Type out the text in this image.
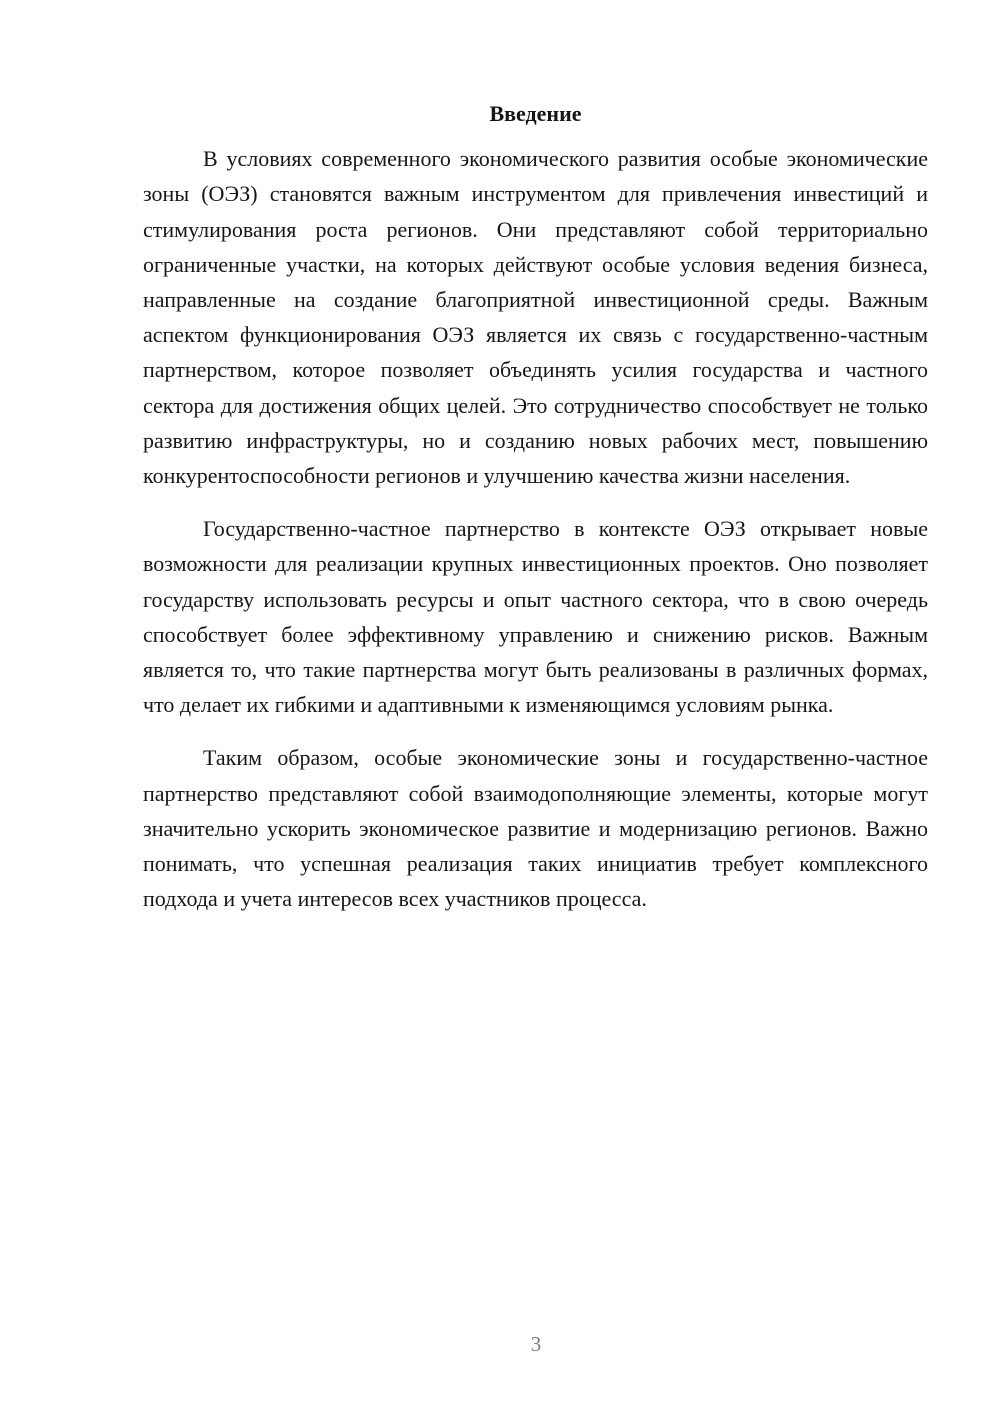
Введение

В условиях современного экономического развития особые экономические зоны (ОЭЗ) становятся важным инструментом для привлечения инвестиций и стимулирования роста регионов. Они представляют собой территориально ограниченные участки, на которых действуют особые условия ведения бизнеса, направленные на создание благоприятной инвестиционной среды. Важным аспектом функционирования ОЭЗ является их связь с государственно-частным партнерством, которое позволяет объединять усилия государства и частного сектора для достижения общих целей. Это сотрудничество способствует не только развитию инфраструктуры, но и созданию новых рабочих мест, повышению конкурентоспособности регионов и улучшению качества жизни населения.

Государственно-частное партнерство в контексте ОЭЗ открывает новые возможности для реализации крупных инвестиционных проектов. Оно позволяет государству использовать ресурсы и опыт частного сектора, что в свою очередь способствует более эффективному управлению и снижению рисков. Важным является то, что такие партнерства могут быть реализованы в различных формах, что делает их гибкими и адаптивными к изменяющимся условиям рынка.

Таким образом, особые экономические зоны и государственно-частное партнерство представляют собой взаимодополняющие элементы, которые могут значительно ускорить экономическое развитие и модернизацию регионов. Важно понимать, что успешная реализация таких инициатив требует комплексного подхода и учета интересов всех участников процесса.

3
